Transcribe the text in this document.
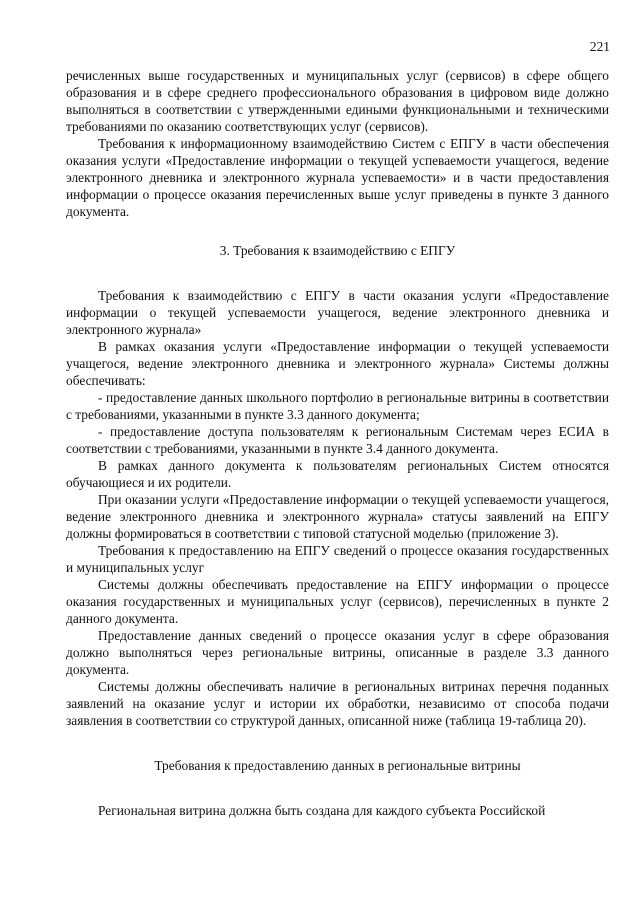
221

речисленных выше государственных и муниципальных услуг (сервисов) в сфере общего образования и в сфере среднего профессионального образования в цифровом виде должно выполняться в соответствии с утвержденными едиными функциональными и техническими требованиями по оказанию соответствующих услуг (сервисов).

Требования к информационному взаимодействию Систем с ЕПГУ в части обеспечения оказания услуги «Предоставление информации о текущей успеваемости учащегося, ведение электронного дневника и электронного журнала успеваемости» и в части предоставления информации о процессе оказания перечисленных выше услуг приведены в пункте 3 данного документа.

3. Требования к взаимодействию с ЕПГУ

Требования к взаимодействию с ЕПГУ в части оказания услуги «Предоставление информации о текущей успеваемости учащегося, ведение электронного дневника и электронного журнала»

В рамках оказания услуги «Предоставление информации о текущей успеваемости учащегося, ведение электронного дневника и электронного журнала» Системы должны обеспечивать:

- предоставление данных школьного портфолио в региональные витрины в соответствии с требованиями, указанными в пункте 3.3 данного документа;

- предоставление доступа пользователям к региональным Системам через ЕСИА в соответствии с требованиями, указанными в пункте 3.4 данного документа.

В рамках данного документа к пользователям региональных Систем относятся обучающиеся и их родители.

При оказании услуги «Предоставление информации о текущей успеваемости учащегося, ведение электронного дневника и электронного журнала» статусы заявлений на ЕПГУ должны формироваться в соответствии с типовой статусной моделью (приложение 3).

Требования к предоставлению на ЕПГУ сведений о процессе оказания государственных и муниципальных услуг

Системы должны обеспечивать предоставление на ЕПГУ информации о процессе оказания государственных и муниципальных услуг (сервисов), перечисленных в пункте 2 данного документа.

Предоставление данных сведений о процессе оказания услуг в сфере образования должно выполняться через региональные витрины, описанные в разделе 3.3 данного документа.

Системы должны обеспечивать наличие в региональных витринах перечня поданных заявлений на оказание услуг и истории их обработки, независимо от способа подачи заявления в соответствии со структурой данных, описанной ниже (таблица 19-таблица 20).

Требования к предоставлению данных в региональные витрины

Региональная витрина должна быть создана для каждого субъекта Российской
